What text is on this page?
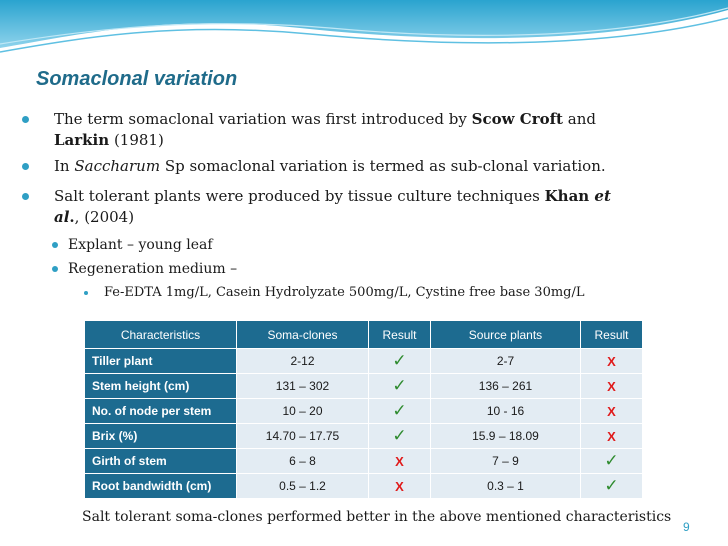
Somaclonal variation
The term somaclonal variation was first introduced by Scow Croft and
Larkin (1981)
In Saccharum Sp somaclonal variation is termed as sub-clonal variation.
Salt tolerant plants were produced by tissue culture techniques Khan et
al., (2004)
Explant – young leaf
Regeneration medium –
Fe-EDTA 1mg/L, Casein Hydrolyzate 500mg/L, Cystine free base 30mg/L
Characteristics	Soma-clones	Result	Source plants	Result
Tiller plant	2-12	✓	2-7	X
Stem height (cm)	131 – 302	✓	136 – 261	X
No. of node per stem	10 – 20	✓	10 - 16	X
Brix (%)	14.70 – 17.75	✓	15.9 – 18.09	X
Girth of stem	6 – 8	X	7 – 9	✓
Root bandwidth (cm)	0.5 – 1.2	X	0.3 – 1	✓
Salt tolerant soma-clones performed better in the above mentioned characteristics
9
